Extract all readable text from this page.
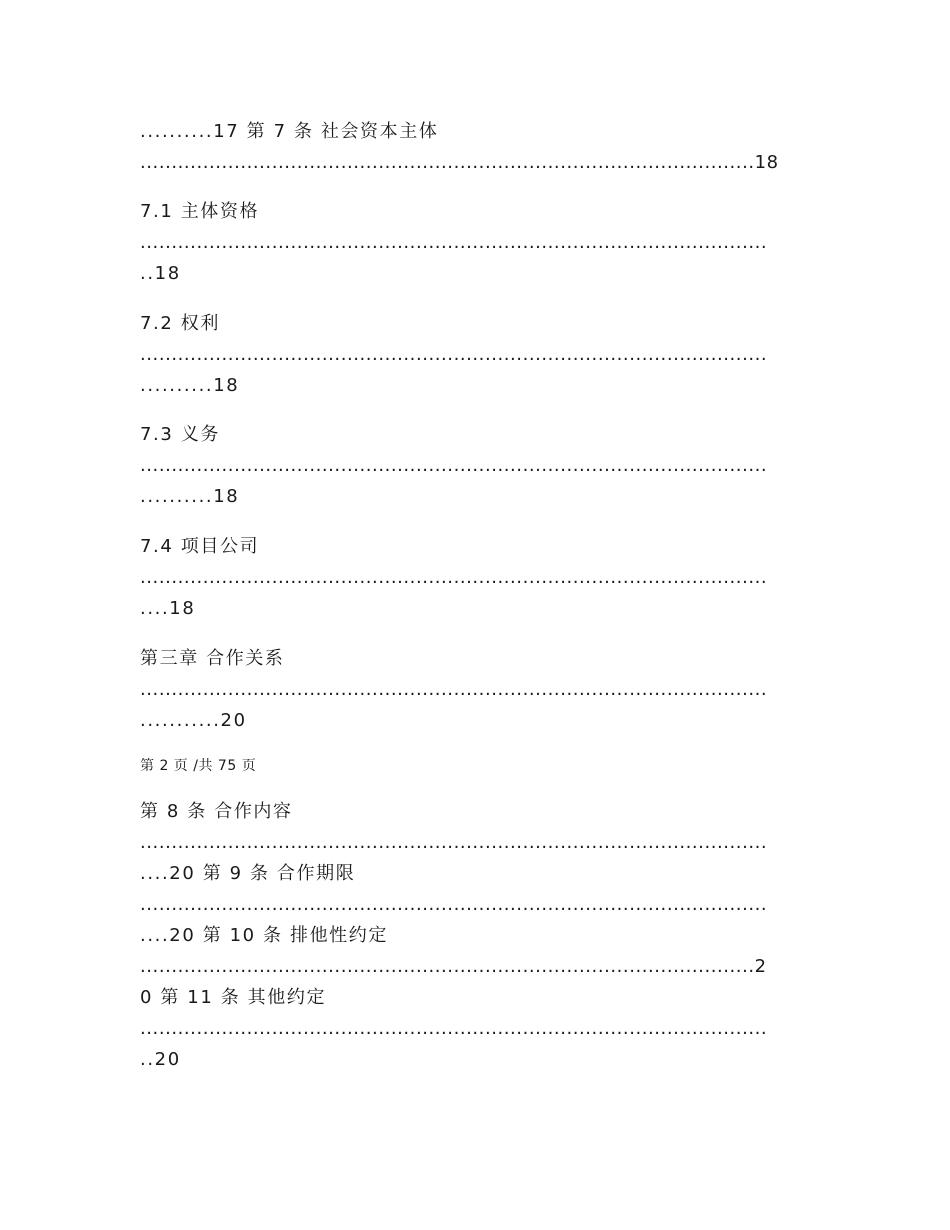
..........17 第 7 条 社会资本主体
..................................................................................................18
7.1 主体资格
....................................................................................................
..18
7.2 权利
....................................................................................................
..........18
7.3 义务
....................................................................................................
..........18
7.4 项目公司
....................................................................................................
....18
第三章 合作关系
....................................................................................................
...........20
第 2 页 /共 75 页
第 8 条 合作内容
....................................................................................................
....20 第 9 条 合作期限
....................................................................................................
....20 第 10 条 排他性约定
..................................................................................................2
0 第 11 条 其他约定
....................................................................................................
..20
